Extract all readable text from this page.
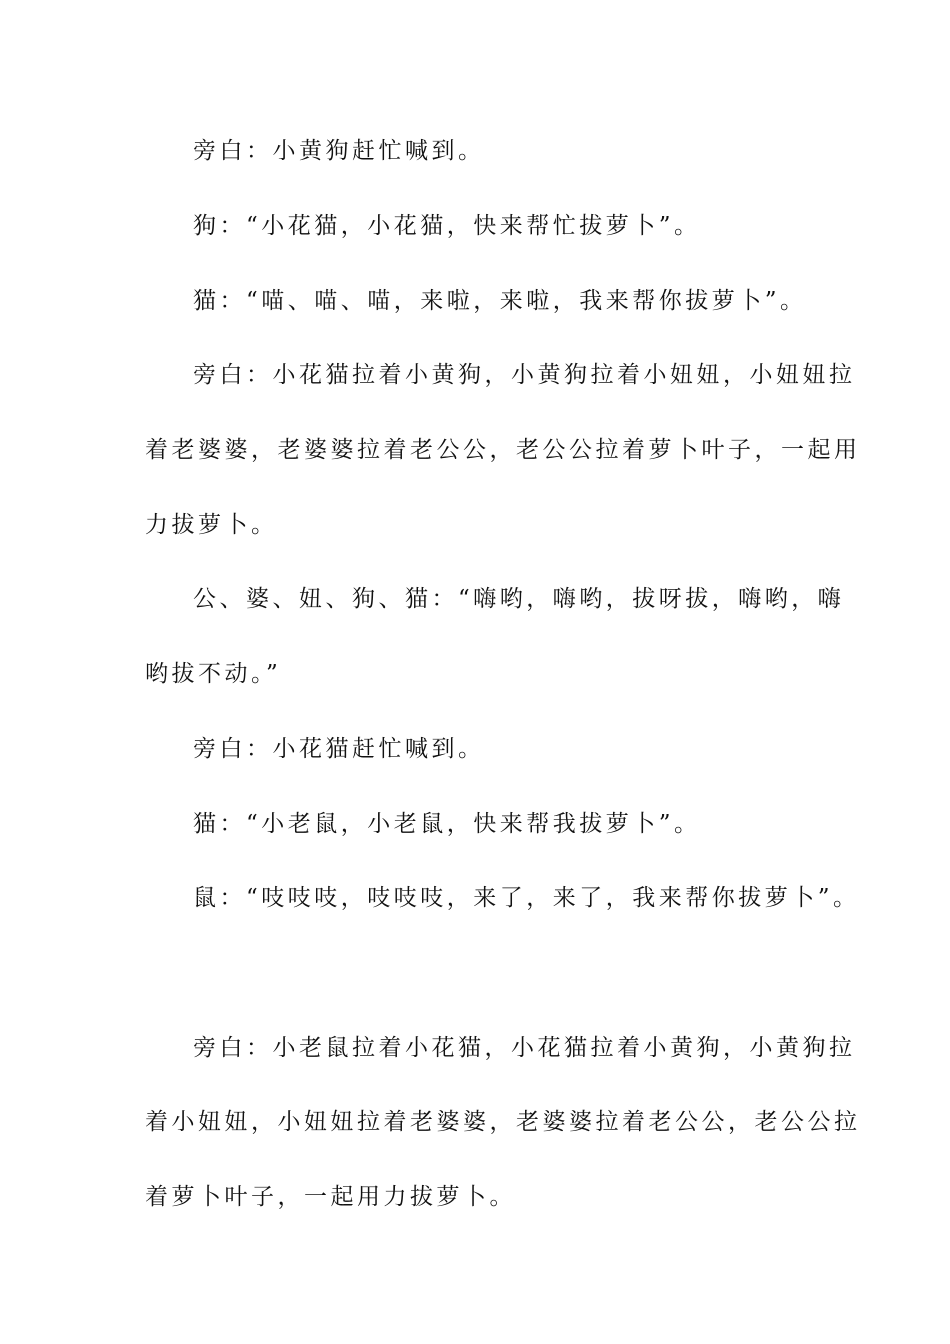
旁白：小黄狗赶忙喊到。
狗：“小花猫，小花猫，快来帮忙拔萝卜”。
猫：“喵、喵、喵，来啦，来啦，我来帮你拔萝卜”。
旁白：小花猫拉着小黄狗，小黄狗拉着小妞妞，小妞妞拉
着老婆婆，老婆婆拉着老公公，老公公拉着萝卜叶子，一起用
力拔萝卜。
公、婆、妞、狗、猫：“嗨哟，嗨哟，拔呀拔，嗨哟，嗨
哟拔不动。”
旁白：小花猫赶忙喊到。
猫：“小老鼠，小老鼠，快来帮我拔萝卜”。
鼠：“吱吱吱，吱吱吱，来了，来了，我来帮你拔萝卜”。
旁白：小老鼠拉着小花猫，小花猫拉着小黄狗，小黄狗拉
着小妞妞，小妞妞拉着老婆婆，老婆婆拉着老公公，老公公拉
着萝卜叶子，一起用力拔萝卜。
